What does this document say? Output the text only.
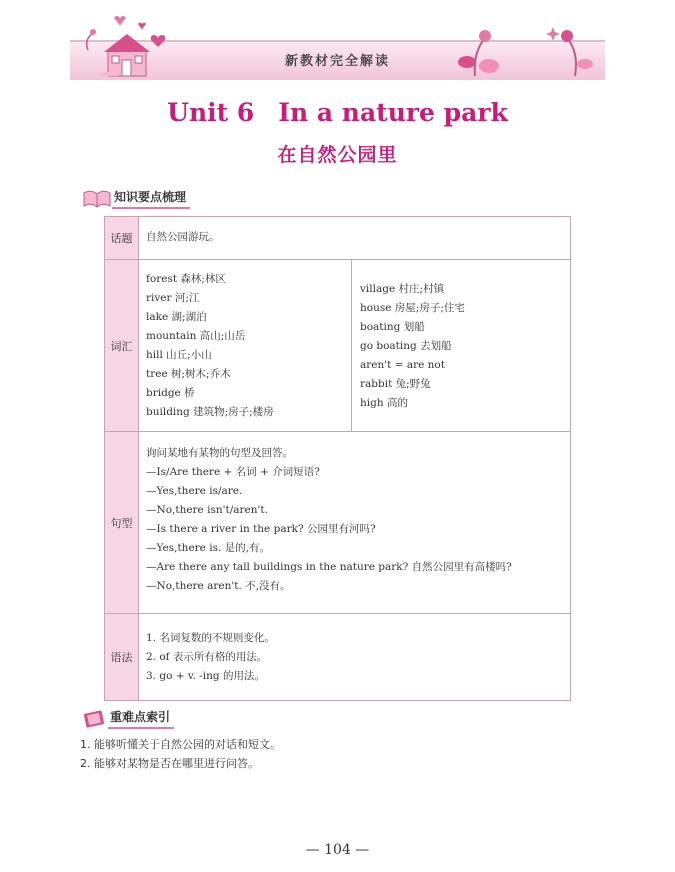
新教材完全解读
Unit 6 In a nature park
在自然公园里
知识要点梳理
话题	自然公园游玩。
词汇
forest 森林;林区
river 河;江
lake 湖;湖泊
mountain 高山;山岳
hill 山丘;小山
tree 树;树木;乔木
bridge 桥
building 建筑物;房子;楼房
village 村庄;村镇
house 房屋;房子;住宅
boating 划船
go boating 去划船
aren't = are not
rabbit 兔;野兔
high 高的
句型
询问某地有某物的句型及回答。
—Is/Are there + 名词 + 介词短语?
—Yes,there is/are.
—No,there isn't/aren't.
—Is there a river in the park? 公园里有河吗?
—Yes,there is. 是的,有。
—Are there any tall buildings in the nature park? 自然公园里有高楼吗?
—No,there aren't. 不,没有。
语法
1. 名词复数的不规则变化。
2. of 表示所有格的用法。
3. go + v. -ing 的用法。
重难点索引
1. 能够听懂关于自然公园的对话和短文。
2. 能够对某物是否在哪里进行问答。
— 104 —
